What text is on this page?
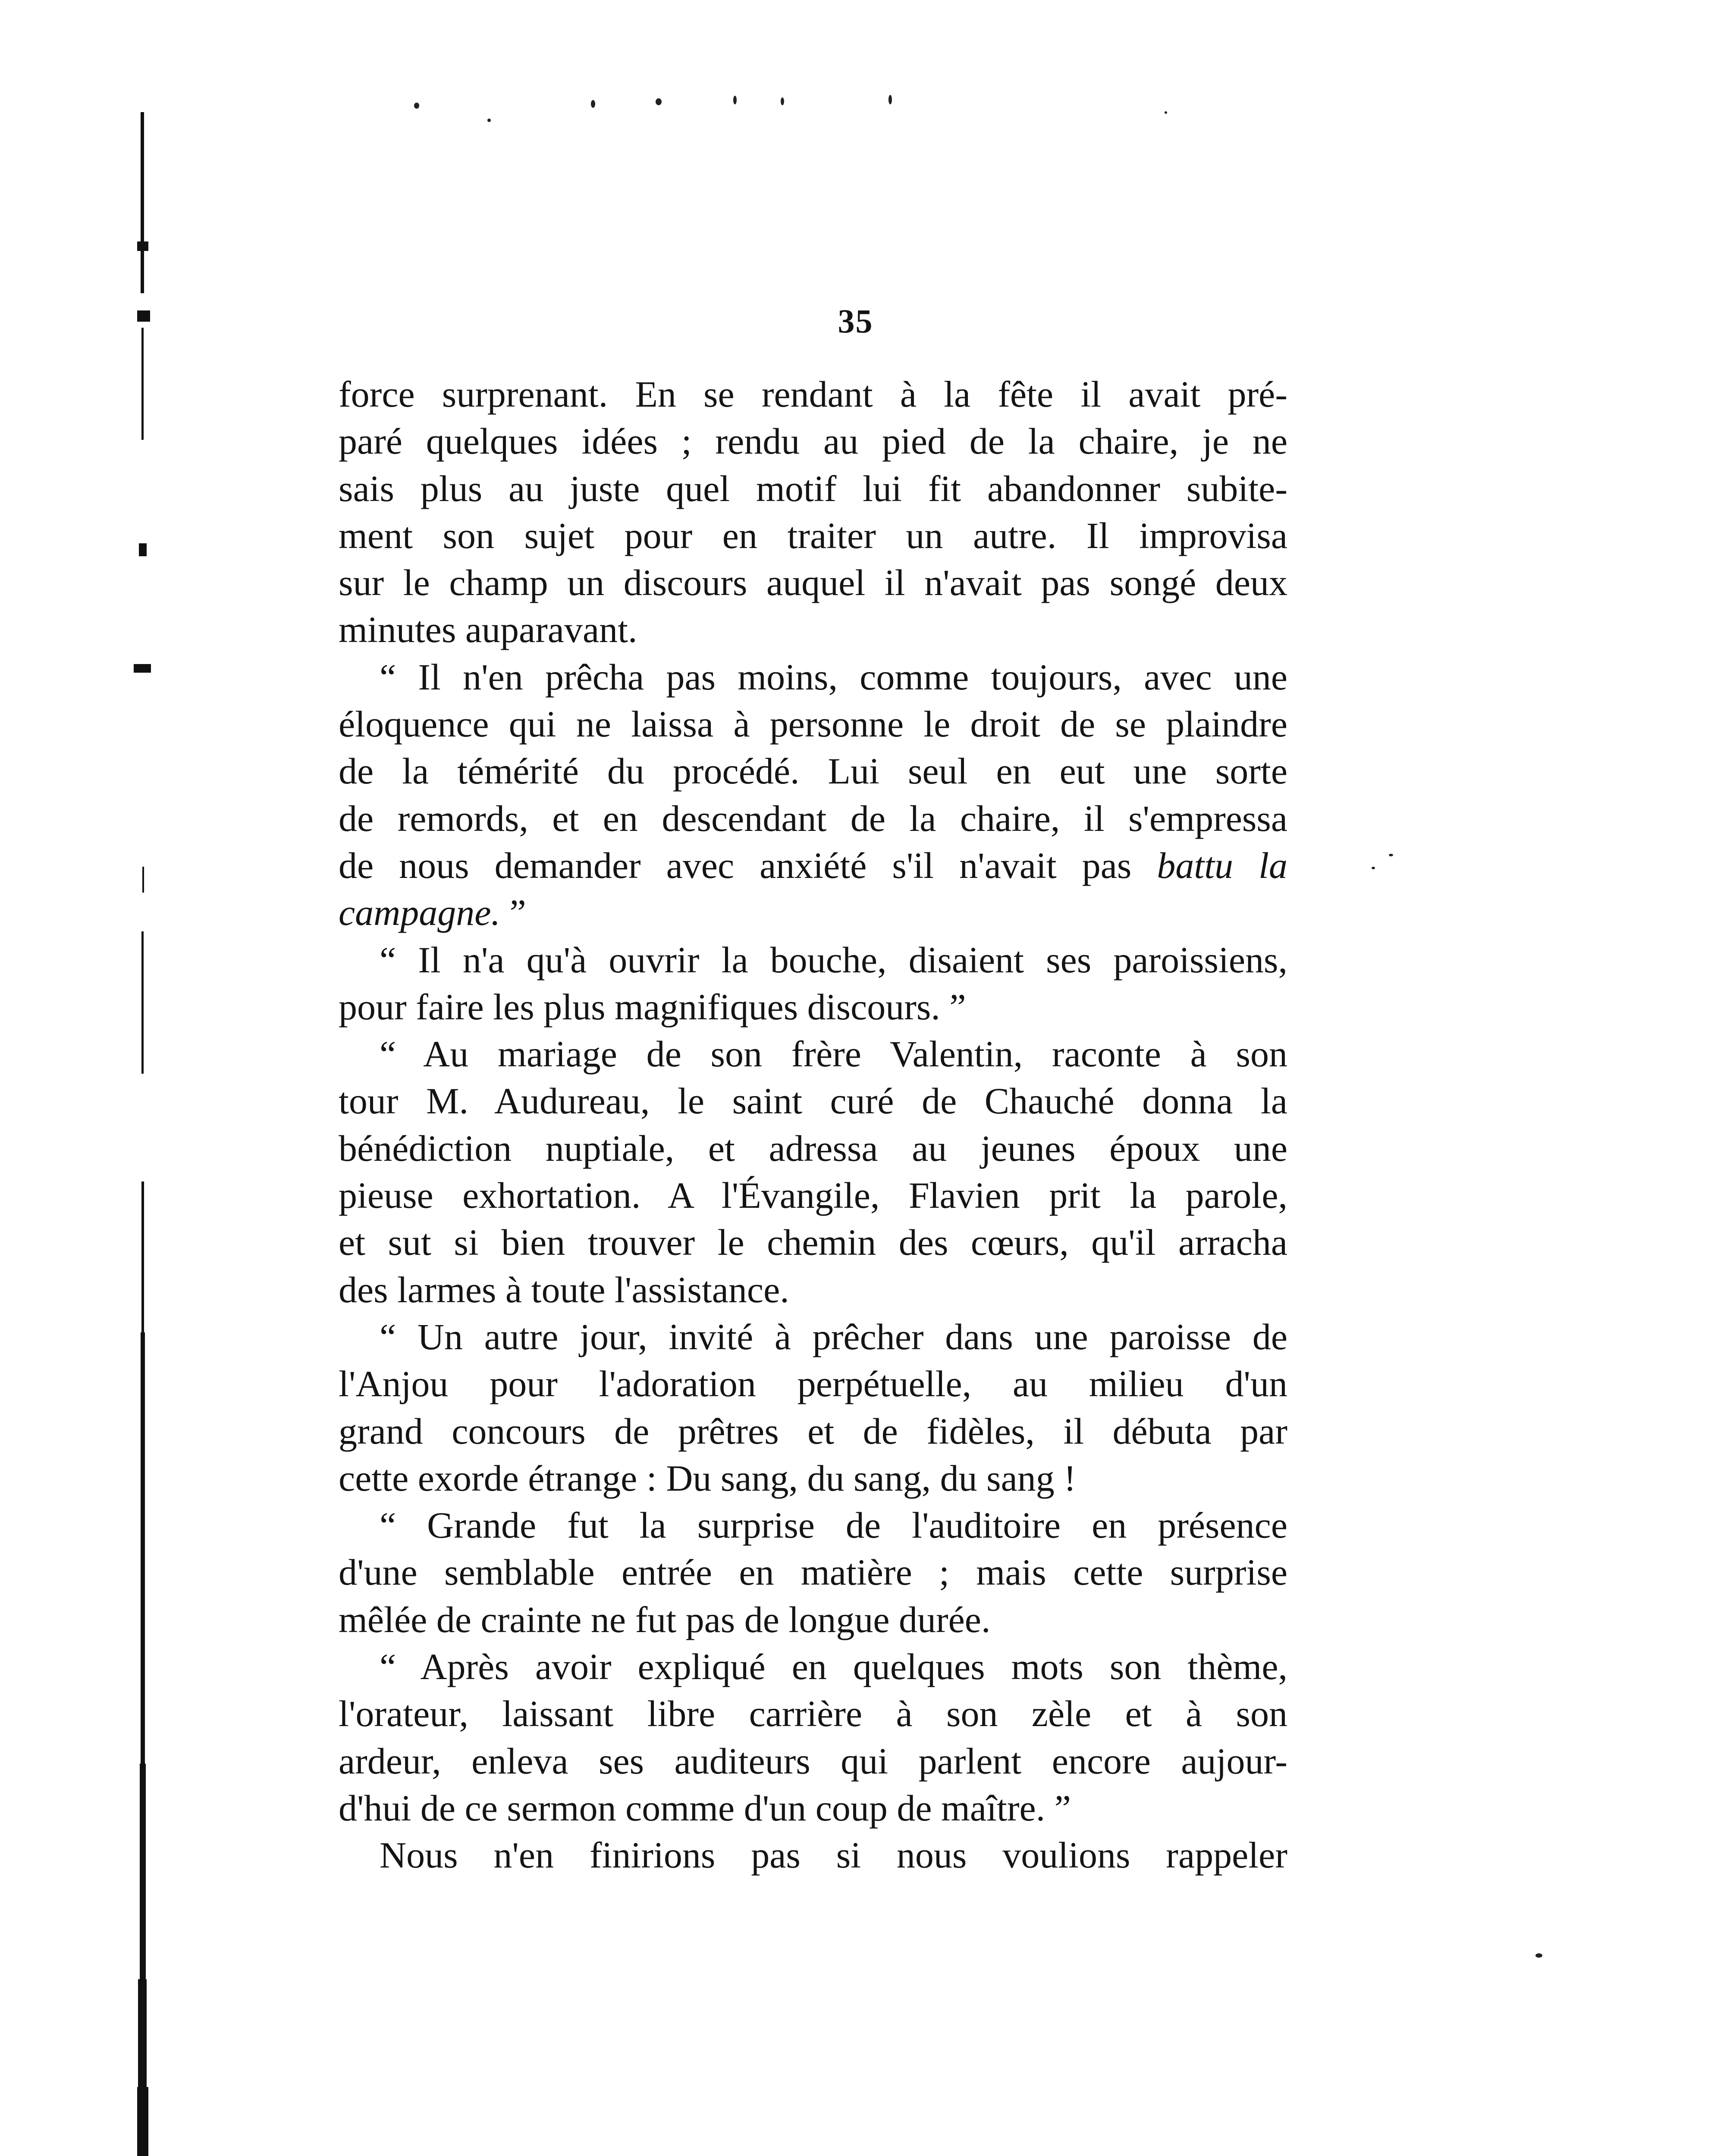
35
force surprenant. En se rendant à la fête il avait pré-
paré quelques idées ; rendu au pied de la chaire, je ne
sais plus au juste quel motif lui fit abandonner subite-
ment son sujet pour en traiter un autre. Il improvisa
sur le champ un discours auquel il n'avait pas songé deux
minutes auparavant.
“ Il n'en prêcha pas moins, comme toujours, avec une
éloquence qui ne laissa à personne le droit de se plaindre
de la témérité du procédé. Lui seul en eut une sorte
de remords, et en descendant de la chaire, il s'empressa
de nous demander avec anxiété s'il n'avait pas battu la
campagne. ”
“ Il n'a qu'à ouvrir la bouche, disaient ses paroissiens,
pour faire les plus magnifiques discours. ”
“ Au mariage de son frère Valentin, raconte à son
tour M. Audureau, le saint curé de Chauché donna la
bénédiction nuptiale, et adressa au jeunes époux une
pieuse exhortation. A l'Évangile, Flavien prit la parole,
et sut si bien trouver le chemin des cœurs, qu'il arracha
des larmes à toute l'assistance.
“ Un autre jour, invité à prêcher dans une paroisse de
l'Anjou pour l'adoration perpétuelle, au milieu d'un
grand concours de prêtres et de fidèles, il débuta par
cette exorde étrange : Du sang, du sang, du sang !
“ Grande fut la surprise de l'auditoire en présence
d'une semblable entrée en matière ; mais cette surprise
mêlée de crainte ne fut pas de longue durée.
“ Après avoir expliqué en quelques mots son thème,
l'orateur, laissant libre carrière à son zèle et à son
ardeur, enleva ses auditeurs qui parlent encore aujour-
d'hui de ce sermon comme d'un coup de maître. ”
Nous n'en finirions pas si nous voulions rappeler
